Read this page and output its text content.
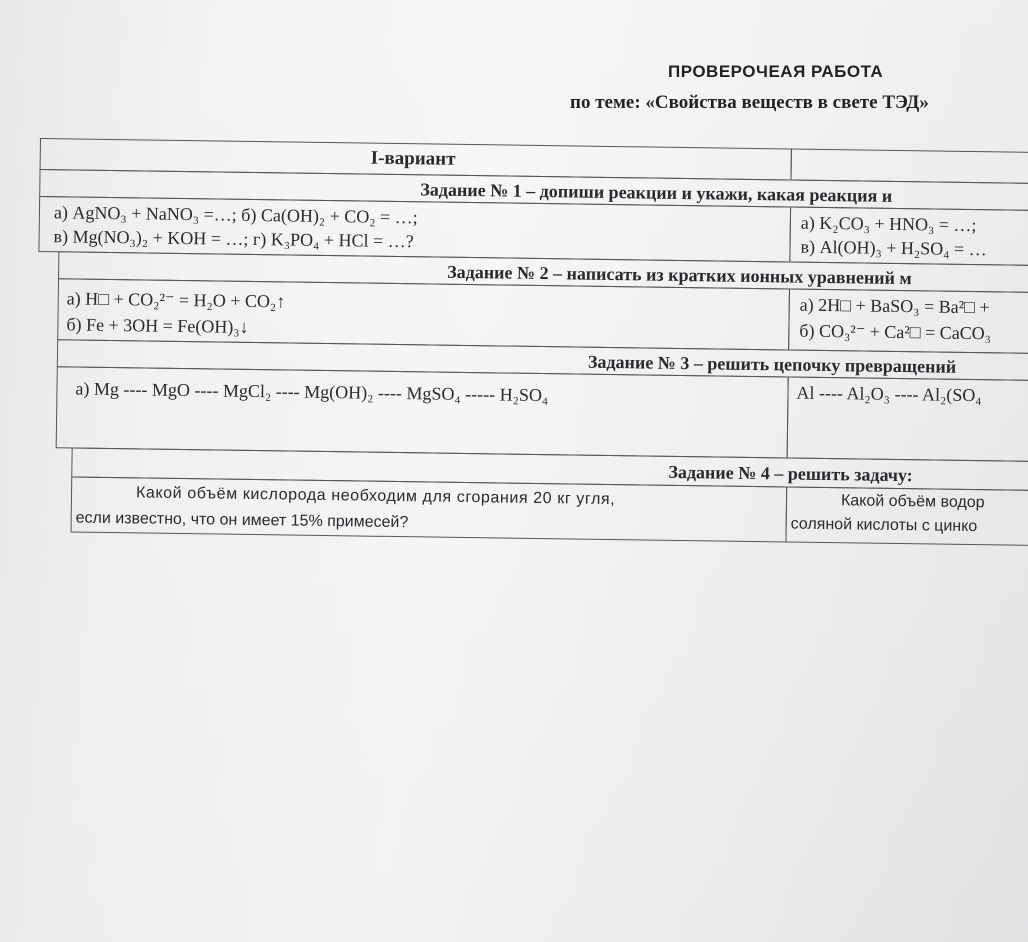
ПРОВЕРОЧЕАЯ РАБОТА
по теме: «Свойства веществ в свете ТЭД»
I-вариант
Задание № 1 – допиши реакции и укажи, какая реакция и
а) AgNO₃ + NaNO₃ =…; б) Ca(OH)₂ + CO₂ = …;
в) Mg(NO₃)₂ + KOH = …; г) K₃PO₄ + HCl = …?
а) K₂CO₃ + HNO₃ = …;
в) Al(OH)₃ + H₂SO₄ = …
Задание № 2 – написать из кратких ионных уравнений м
а) H□ + CO₂²⁻ = H₂O + CO₂↑
б) Fe + 3OH = Fe(OH)₃↓
а) 2H□ + BaSO₃ = Ba²□ +
б) CO₃²⁻ + Ca²□ = CaCO₃
Задание № 3 – решить цепочку превращений
а) Mg ---- MgO ---- MgCl₂ ---- Mg(OH)₂ ---- MgSO₄ ----- H₂SO₄	Al ---- Al₂O₃ ---- Al₂(SO₄
Задание № 4 – решить задачу:
Какой объём кислорода необходим для сгорания 20 кг угля,
если известно, что он имеет 15% примесей?
Какой объём водор
соляной кислоты с цинко
